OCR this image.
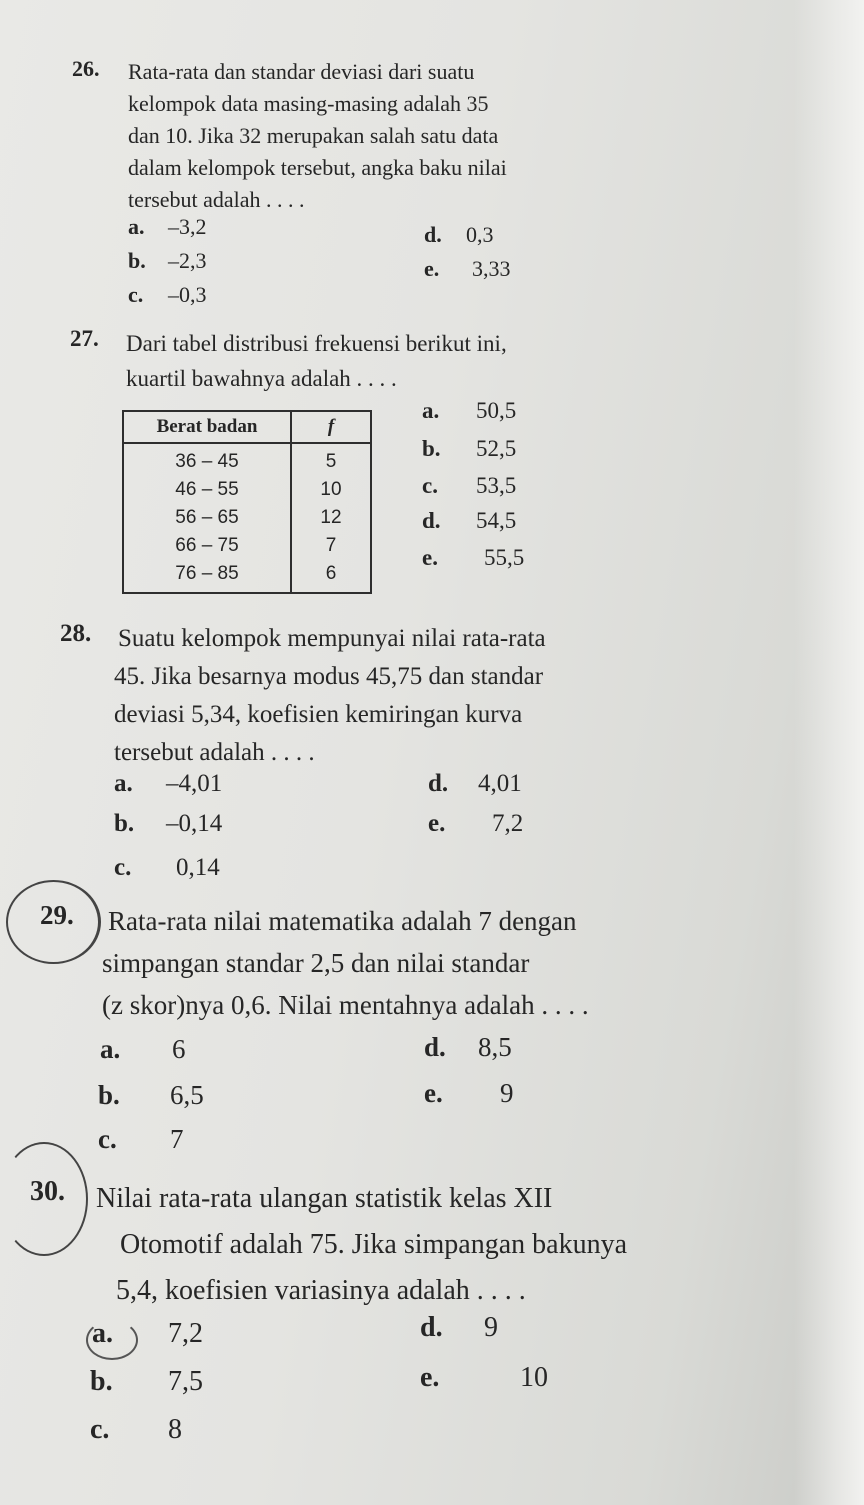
26. Rata-rata dan standar deviasi dari suatu
kelompok data masing-masing adalah 35
dan 10. Jika 32 merupakan salah satu data
dalam kelompok tersebut, angka baku nilai
tersebut adalah . . . .
a. –3,2
b. –2,3
c. –0,3
d. 0,3
e. 3,33
27. Dari tabel distribusi frekuensi berikut ini,
kuartil bawahnya adalah . . . .
Berat badan	f
36 – 45	5
46 – 55	10
56 – 65	12
66 – 75	7
76 – 85	6
a. 50,5
b. 52,5
c. 53,5
d. 54,5
e. 55,5
28. Suatu kelompok mempunyai nilai rata-rata
45. Jika besarnya modus 45,75 dan standar
deviasi 5,34, koefisien kemiringan kurva
tersebut adalah . . . .
a. –4,01
b. –0,14
c. 0,14
d. 4,01
e. 7,2
29. Rata-rata nilai matematika adalah 7 dengan
simpangan standar 2,5 dan nilai standar
(z skor)nya 0,6. Nilai mentahnya adalah . . . .
a. 6
b. 6,5
c. 7
d. 8,5
e. 9
30. Nilai rata-rata ulangan statistik kelas XII
Otomotif adalah 75. Jika simpangan bakunya
5,4, koefisien variasinya adalah . . . .
a. 7,2
b. 7,5
c. 8
d. 9
e.	10
